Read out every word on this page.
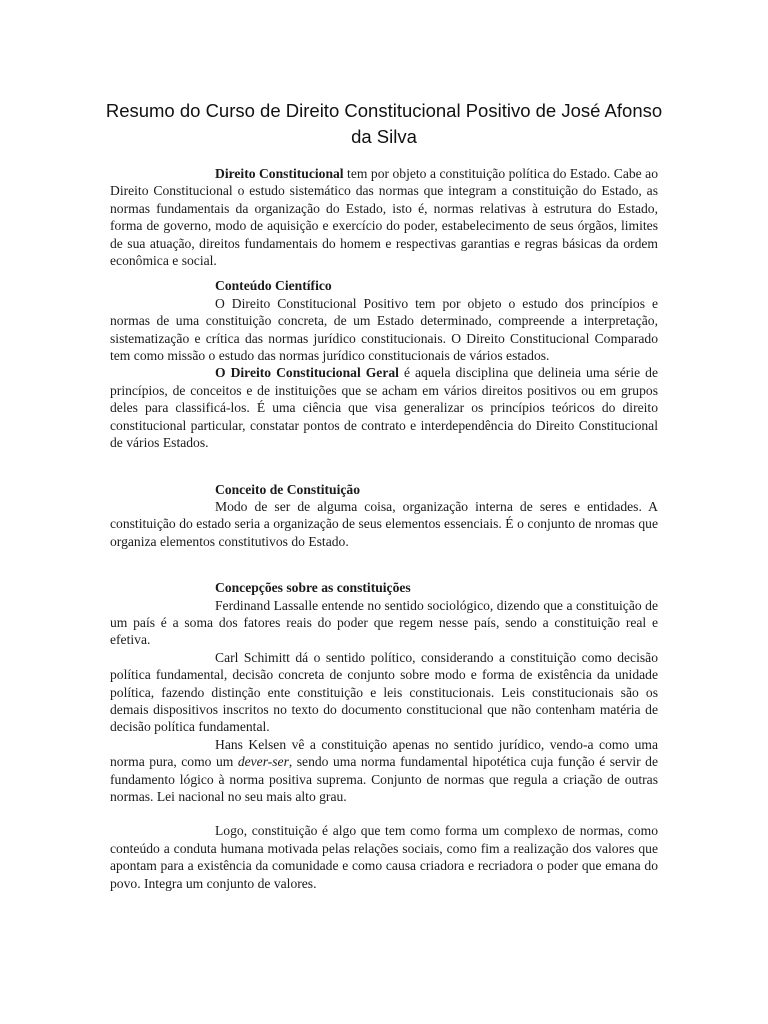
Resumo do Curso de Direito Constitucional Positivo de José Afonso da Silva

Direito Constitucional tem por objeto a constituição política do Estado. Cabe ao Direito Constitucional o estudo sistemático das normas que integram a constituição do Estado, as normas fundamentais da organização do Estado, isto é, normas relativas à estrutura do Estado, forma de governo, modo de aquisição e exercício do poder, estabelecimento de seus órgãos, limites de sua atuação, direitos fundamentais do homem e respectivas garantias e regras básicas da ordem econômica e social.

Conteúdo Científico

O Direito Constitucional Positivo tem por objeto o estudo dos princípios e normas de uma constituição concreta, de um Estado determinado, compreende a interpretação, sistematização e crítica das normas jurídico constitucionais. O Direito Constitucional Comparado tem como missão o estudo das normas jurídico constitucionais de vários estados.

O Direito Constitucional Geral é aquela disciplina que delineia uma série de princípios, de conceitos e de instituições que se acham em vários direitos positivos ou em grupos deles para classificá-los. É uma ciência que visa generalizar os princípios teóricos do direito constitucional particular, constatar pontos de contrato e interdependência do Direito Constitucional de vários Estados.

Conceito de Constituição

Modo de ser de alguma coisa, organização interna de seres e entidades. A constituição do estado seria a organização de seus elementos essenciais. É o conjunto de nromas que organiza elementos constitutivos do Estado.

Concepções sobre as constituições

Ferdinand Lassalle entende no sentido sociológico, dizendo que a constituição de um país é a soma dos fatores reais do poder que regem nesse país, sendo a constituição real e efetiva.

Carl Schimitt dá o sentido político, considerando a constituição como decisão política fundamental, decisão concreta de conjunto sobre modo e forma de existência da unidade política, fazendo distinção ente constituição e leis constitucionais. Leis constitucionais são os demais dispositivos inscritos no texto do documento constitucional que não contenham matéria de decisão política fundamental.

Hans Kelsen vê a constituição apenas no sentido jurídico, vendo-a como uma norma pura, como um dever-ser, sendo uma norma fundamental hipotética cuja função é servir de fundamento lógico à norma positiva suprema. Conjunto de normas que regula a criação de outras normas. Lei nacional no seu mais alto grau.

Logo, constituição é algo que tem como forma um complexo de normas, como conteúdo a conduta humana motivada pelas relações sociais, como fim a realização dos valores que apontam para a existência da comunidade e como causa criadora e recriadora o poder que emana do povo. Integra um conjunto de valores.
